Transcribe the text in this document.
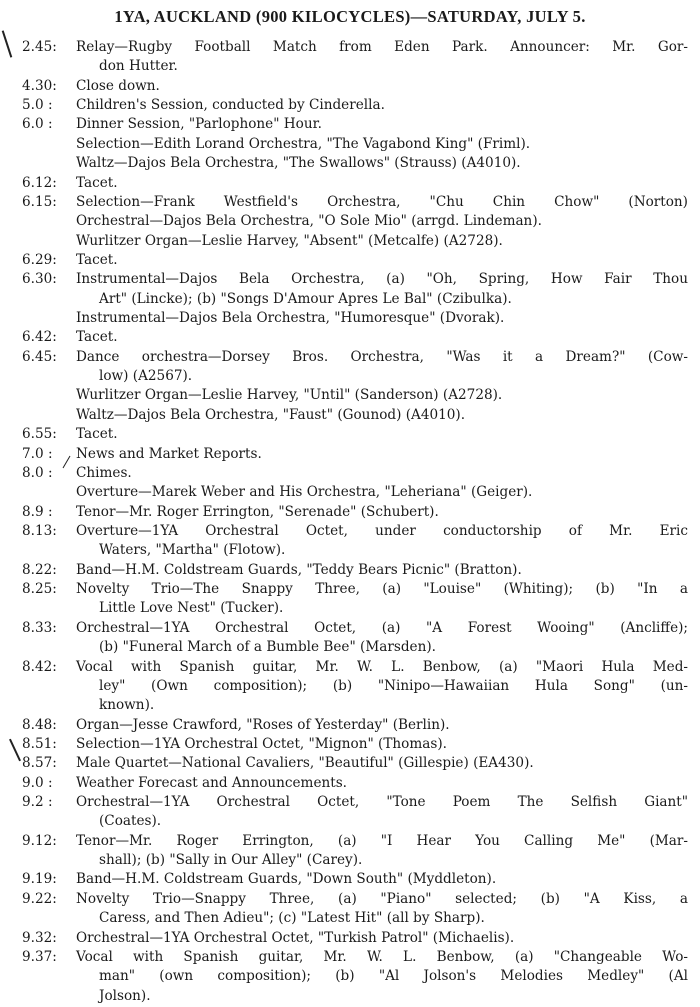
1YA, AUCKLAND (900 KILOCYCLES)—SATURDAY, JULY 5.
2.45:	Relay—Rugby Football Match from Eden Park. Announcer: Mr. Gor-
don Hutter.
4.30:	Close down.
5.0 :	Children's Session, conducted by Cinderella.
6.0 :	Dinner Session, "Parlophone" Hour.
Selection—Edith Lorand Orchestra, "The Vagabond King" (Friml).
Waltz—Dajos Bela Orchestra, "The Swallows" (Strauss) (A4010).
6.12:	Tacet.
6.15:	Selection—Frank Westfield's Orchestra, "Chu Chin Chow" (Norton)
Orchestral—Dajos Bela Orchestra, "O Sole Mio" (arrgd. Lindeman).
Wurlitzer Organ—Leslie Harvey, "Absent" (Metcalfe) (A2728).
6.29:	Tacet.
6.30:	Instrumental—Dajos Bela Orchestra, (a) "Oh, Spring, How Fair Thou
Art" (Lincke); (b) "Songs D'Amour Apres Le Bal" (Czibulka).
Instrumental—Dajos Bela Orchestra, "Humoresque" (Dvorak).
6.42:	Tacet.
6.45:	Dance orchestra—Dorsey Bros. Orchestra, "Was it a Dream?" (Cow-
low) (A2567).
Wurlitzer Organ—Leslie Harvey, "Until" (Sanderson) (A2728).
Waltz—Dajos Bela Orchestra, "Faust" (Gounod) (A4010).
6.55:	Tacet.
7.0 :	News and Market Reports.
8.0 :	Chimes.
Overture—Marek Weber and His Orchestra, "Leheriana" (Geiger).
8.9 :	Tenor—Mr. Roger Errington, "Serenade" (Schubert).
8.13:	Overture—1YA Orchestral Octet, under conductorship of Mr. Eric
Waters, "Martha" (Flotow).
8.22:	Band—H.M. Coldstream Guards, "Teddy Bears Picnic" (Bratton).
8.25:	Novelty Trio—The Snappy Three, (a) "Louise" (Whiting); (b) "In a
Little Love Nest" (Tucker).
8.33:	Orchestral—1YA Orchestral Octet, (a) "A Forest Wooing" (Ancliffe);
(b) "Funeral March of a Bumble Bee" (Marsden).
8.42:	Vocal with Spanish guitar, Mr. W. L. Benbow, (a) "Maori Hula Med-
ley" (Own composition); (b) "Ninipo—Hawaiian Hula Song" (un-
known).
8.48:	Organ—Jesse Crawford, "Roses of Yesterday" (Berlin).
8.51:	Selection—1YA Orchestral Octet, "Mignon" (Thomas).
8.57:	Male Quartet—National Cavaliers, "Beautiful" (Gillespie) (EA430).
9.0 :	Weather Forecast and Announcements.
9.2 :	Orchestral—1YA Orchestral Octet, "Tone Poem The Selfish Giant"
(Coates).
9.12:	Tenor—Mr. Roger Errington, (a) "I Hear You Calling Me" (Mar-
shall); (b) "Sally in Our Alley" (Carey).
9.19:	Band—H.M. Coldstream Guards, "Down South" (Myddleton).
9.22:	Novelty Trio—Snappy Three, (a) "Piano" selected; (b) "A Kiss, a
Caress, and Then Adieu"; (c) "Latest Hit" (all by Sharp).
9.32:	Orchestral—1YA Orchestral Octet, "Turkish Patrol" (Michaelis).
9.37:	Vocal with Spanish guitar, Mr. W. L. Benbow, (a) "Changeable Wo-
man" (own composition); (b) "Al Jolson's Melodies Medley" (Al
Jolson).
